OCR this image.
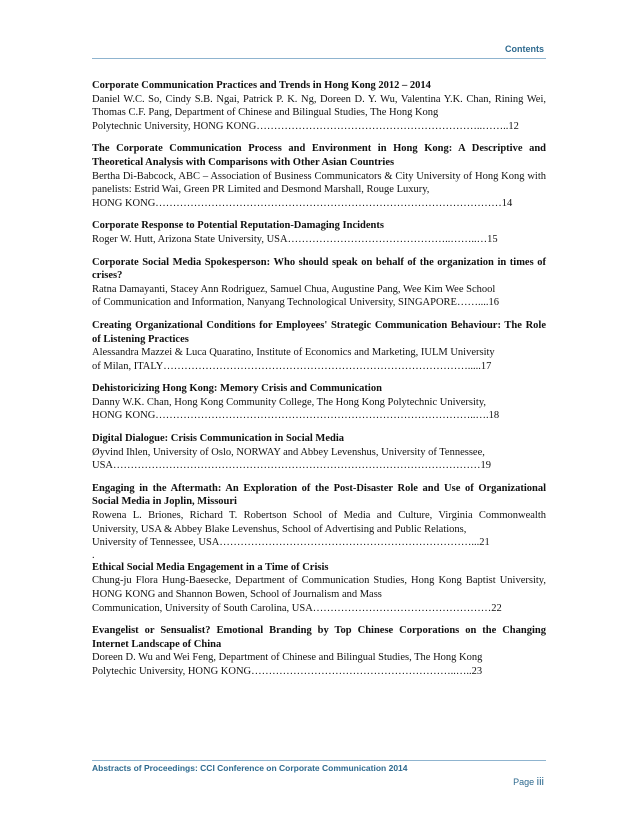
Contents
Corporate Communication Practices and Trends in Hong Kong 2012 – 2014
Daniel W.C. So, Cindy S.B. Ngai, Patrick P. K. Ng, Doreen D. Y. Wu, Valentina Y.K. Chan, Rining Wei, Thomas C.F. Pang, Department of Chinese and Bilingual Studies, The Hong Kong
Polytechnic University, HONG KONG………………………………………………………..……..12
The Corporate Communication Process and Environment in Hong Kong: A Descriptive and Theoretical Analysis with Comparisons with Other Asian Countries
Bertha Di-Babcock, ABC – Association of Business Communicators & City University of Hong Kong with panelists: Estrid Wai, Green PR Limited and Desmond Marshall, Rouge Luxury,
HONG KONG………………………………………………………………………………………14
Corporate Response to Potential Reputation-Damaging Incidents
Roger W. Hutt, Arizona State University, USA………………………………………..……..…15
Corporate Social Media Spokesperson: Who should speak on behalf of the organization in times of crises?
Ratna Damayanti, Stacey Ann Rodriguez, Samuel Chua, Augustine Pang, Wee Kim Wee School
of Communication and Information, Nanyang Technological University, SINGAPORE……....16
Creating Organizational Conditions for Employees' Strategic Communication Behaviour: The Role of Listening Practices
Alessandra Mazzei & Luca Quaratino, Institute of Economics and Marketing, IULM University
of Milan, ITALY…………………………………………………………………………….....17
Dehistoricizing Hong Kong: Memory Crisis and Communication
Danny W.K. Chan, Hong Kong Community College, The Hong Kong Polytechnic University,
HONG KONG………………………………………………………………………………..….18
Digital Dialogue: Crisis Communication in Social Media
Øyvind Ihlen, University of Oslo, NORWAY and Abbey Levenshus, University of Tennessee,
USA……………………………………………………………………………………………19
Engaging in the Aftermath: An Exploration of the Post-Disaster Role and Use of Organizational Social Media in Joplin, Missouri
Rowena L. Briones, Richard T. Robertson School of Media and Culture, Virginia Commonwealth University, USA & Abbey Blake Levenshus, School of Advertising and Public Relations,
University of Tennessee, USA………………………………………………………………...21
.
Ethical Social Media Engagement in a Time of Crisis
Chung-ju Flora Hung-Baesecke, Department of Communication Studies, Hong Kong Baptist University, HONG KONG and Shannon Bowen, School of Journalism and Mass
Communication, University of South Carolina, USA……………………………………………22
Evangelist or Sensualist? Emotional Branding by Top Chinese Corporations on the Changing Internet Landscape of China
Doreen D. Wu and Wei Feng, Department of Chinese and Bilingual Studies, The Hong Kong
Polytechic University, HONG KONG…………………………………………………..…..23
Abstracts of Proceedings: CCI Conference on Corporate Communication 2014
Page iii
